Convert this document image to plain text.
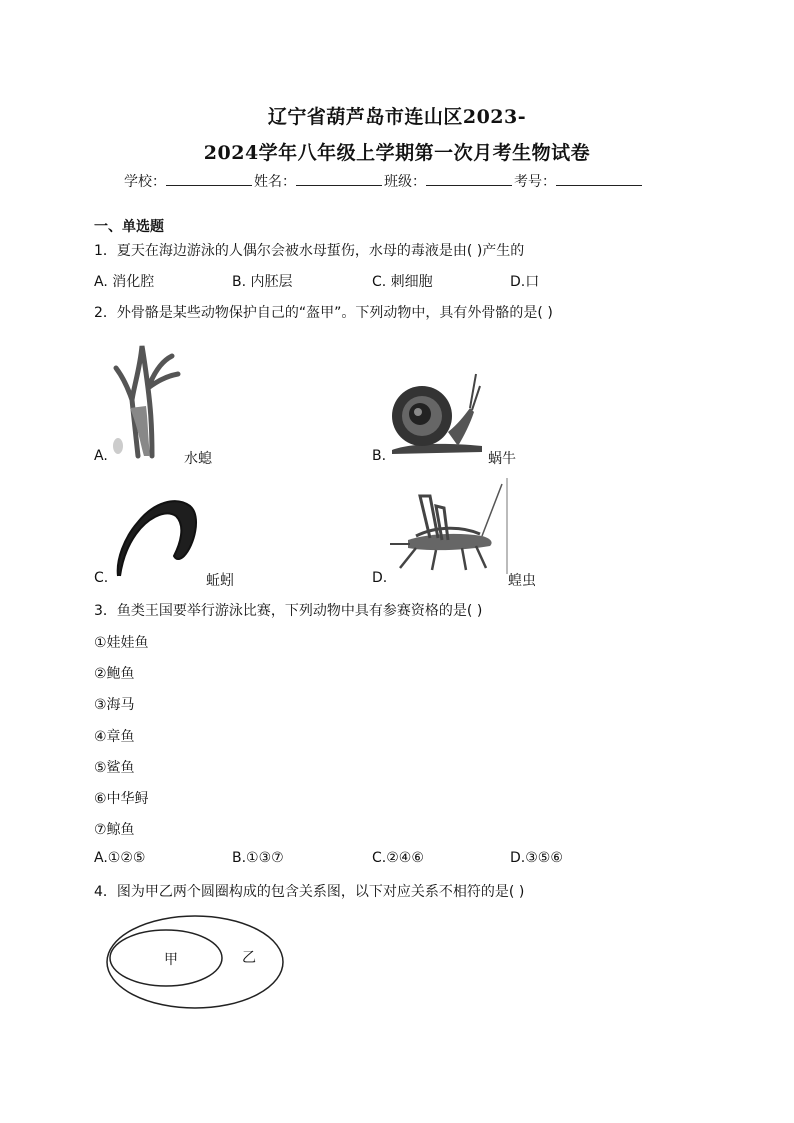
辽宁省葫芦岛市连山区2023-
2024学年八年级上学期第一次月考生物试卷
学校：	姓名：	班级：	考号：
一、单选题
1．夏天在海边游泳的人偶尔会被水母蜇伤，水母的毒液是由( )产生的
A. 消化腔	B. 内胚层	C. 刺细胞	D.口
2．外骨骼是某些动物保护自己的“盔甲”。下列动物中，具有外骨骼的是( )
A.	水螅	B.	蜗牛
C.	蚯蚓	D.	蝗虫
3．鱼类王国要举行游泳比赛，下列动物中具有参赛资格的是( )
①娃娃鱼
②鲍鱼
③海马
④章鱼
⑤鲨鱼
⑥中华鲟
⑦鲸鱼
A.①②⑤	B.①③⑦	C.②④⑥	D.③⑤⑥
4．图为甲乙两个圆圈构成的包含关系图，以下对应关系不相符的是( )
甲	乙
